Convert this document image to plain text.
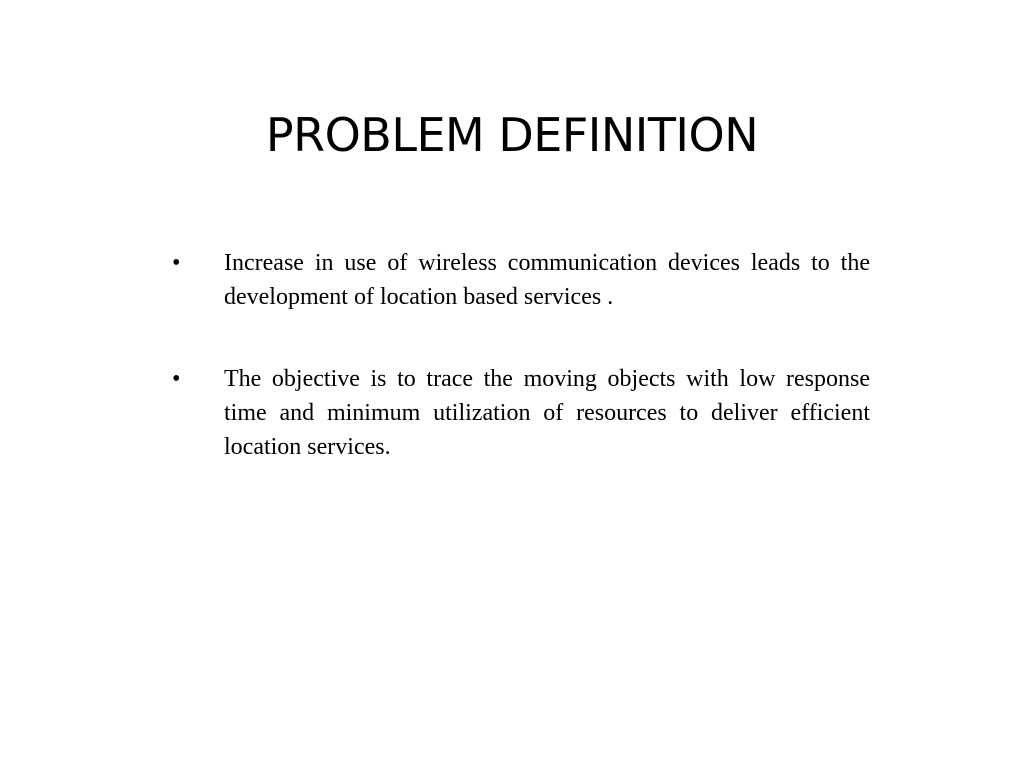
PROBLEM DEFINITION
• Increase in use of wireless communication devices leads to the development of location based services .
• The objective is to trace the moving objects with low response time and minimum utilization of resources to deliver efficient location services.
